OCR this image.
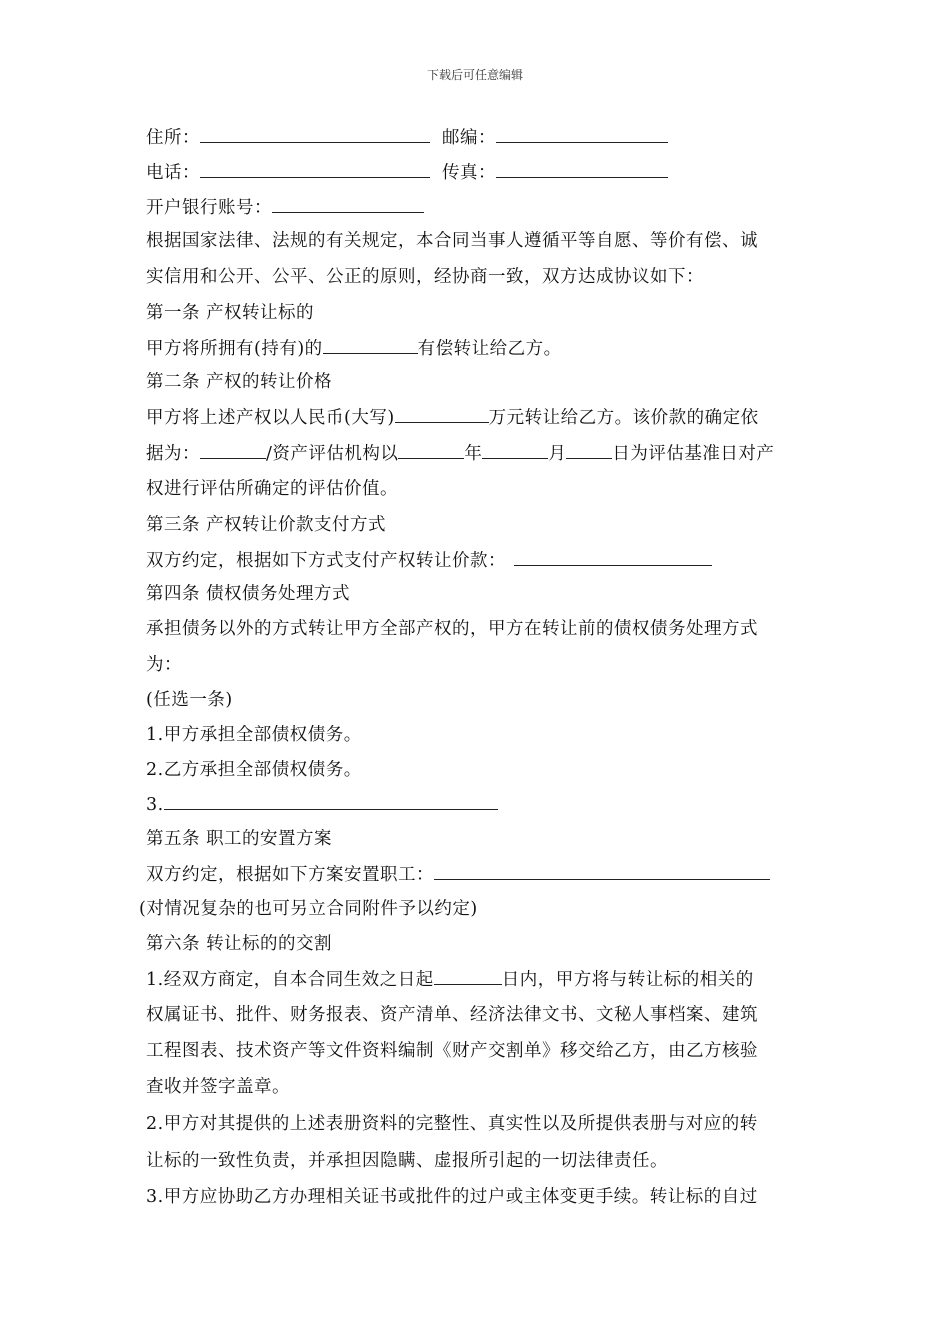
下载后可任意编辑
住所：	邮编：
电话：	传真：
开户银行账号：
根据国家法律、法规的有关规定，本合同当事人遵循平等自愿、等价有偿、诚
实信用和公开、公平、公正的原则，经协商一致，双方达成协议如下：
第一条 产权转让标的
甲方将所拥有(持有)的	有偿转让给乙方。
第二条 产权的转让价格
甲方将上述产权以人民币(大写)	万元转让给乙方。该价款的确定依
据为：	/资产评估机构以	年	月	日为评估基准日对产
权进行评估所确定的评估价值。
第三条 产权转让价款支付方式
双方约定，根据如下方式支付产权转让价款：
第四条 债权债务处理方式
承担债务以外的方式转让甲方全部产权的，甲方在转让前的债权债务处理方式
为：
(任选一条)
1.甲方承担全部债权债务。
2.乙方承担全部债权债务。
3.
第五条 职工的安置方案
双方约定，根据如下方案安置职工：
(对情况复杂的也可另立合同附件予以约定)
第六条 转让标的的交割
1.经双方商定，自本合同生效之日起	日内，甲方将与转让标的相关的
权属证书、批件、财务报表、资产清单、经济法律文书、文秘人事档案、建筑
工程图表、技术资产等文件资料编制《财产交割单》移交给乙方，由乙方核验
查收并签字盖章。
2.甲方对其提供的上述表册资料的完整性、真实性以及所提供表册与对应的转
让标的一致性负责，并承担因隐瞒、虚报所引起的一切法律责任。
3.甲方应协助乙方办理相关证书或批件的过户或主体变更手续。转让标的自过
